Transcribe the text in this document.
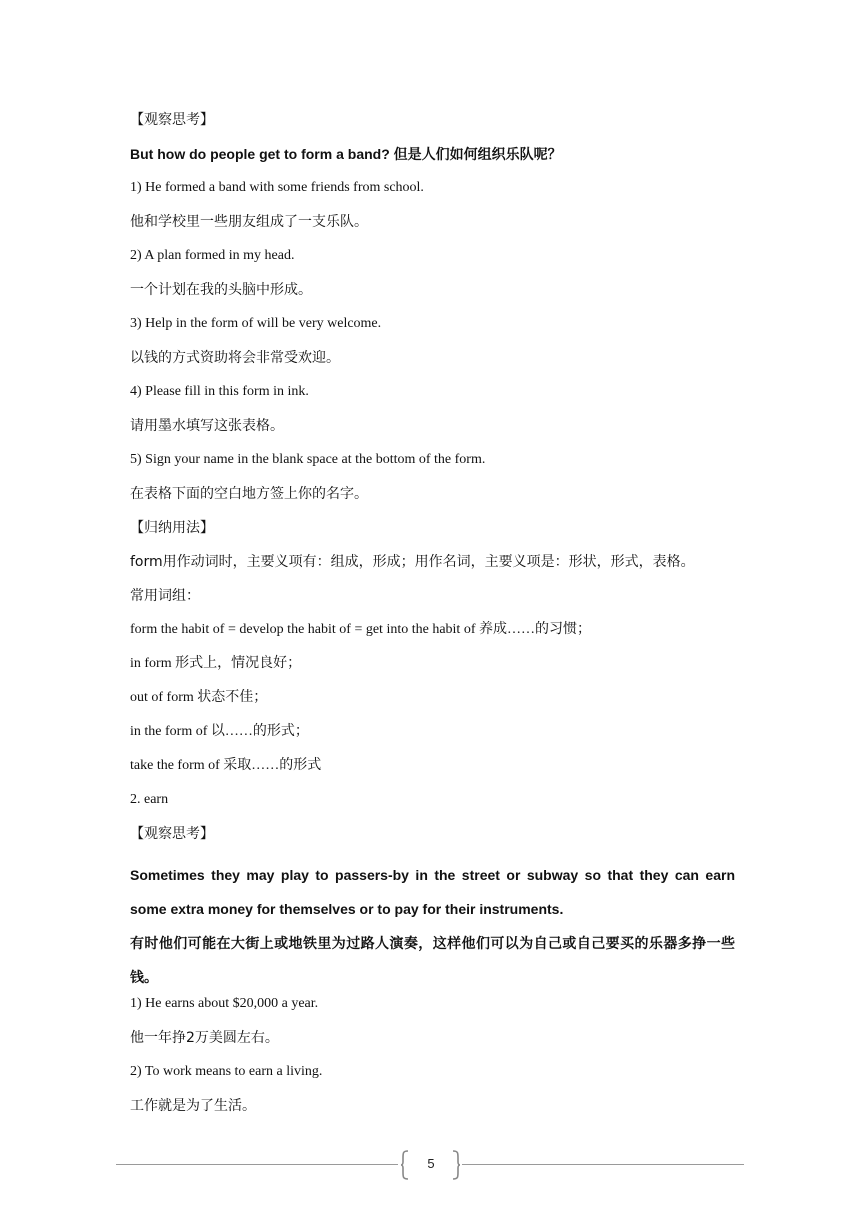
【观察思考】
But how do people get to form a band? 但是人们如何组织乐队呢？
1) He formed a band with some friends from school.
他和学校里一些朋友组成了一支乐队。
2) A plan formed in my head.
一个计划在我的头脑中形成。
3) Help in the form of will be very welcome.
以钱的方式资助将会非常受欢迎。
4) Please fill in this form in ink.
请用墨水填写这张表格。
5) Sign your name in the blank space at the bottom of the form.
在表格下面的空白地方签上你的名字。
【归纳用法】
form用作动词时，主要义项有：组成，形成；用作名词，主要义项是：形状，形式，表格。
常用词组：
form the habit of = develop the habit of = get into the habit of 养成……的习惯；
in form 形式上，情况良好；
out of form 状态不佳；
in the form of 以……的形式；
take the form of 采取……的形式
2. earn
【观察思考】
Sometimes they may play to passers-by in the street or subway so that they can earn some extra money for themselves or to pay for their instruments.
有时他们可能在大街上或地铁里为过路人演奏，这样他们可以为自己或自己要买的乐器多挣一些钱。
1) He earns about $20,000 a year.
他一年挣2万美圆左右。
2) To work means to earn a living.
工作就是为了生活。
5
